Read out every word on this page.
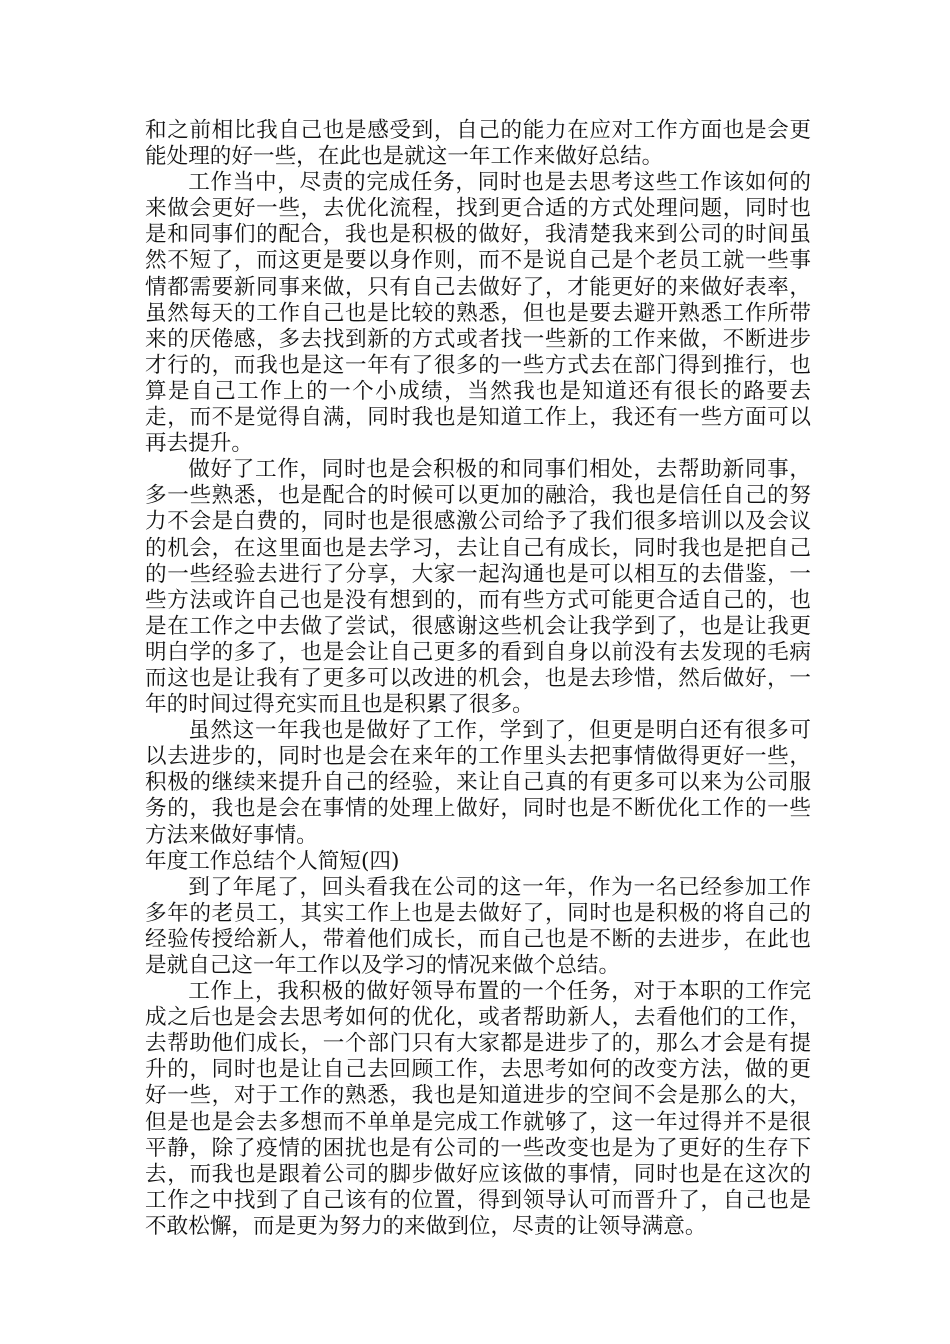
和之前相比我自己也是感受到，自己的能力在应对工作方面也是会更能处理的好一些，在此也是就这一年工作来做好总结。

工作当中，尽责的完成任务，同时也是去思考这些工作该如何的来做会更好一些，去优化流程，找到更合适的方式处理问题，同时也是和同事们的配合，我也是积极的做好，我清楚我来到公司的时间虽然不短了，而这更是要以身作则，而不是说自己是个老员工就一些事情都需要新同事来做，只有自己去做好了，才能更好的来做好表率，虽然每天的工作自己也是比较的熟悉，但也是要去避开熟悉工作所带来的厌倦感，多去找到新的方式或者找一些新的工作来做，不断进步才行的，而我也是这一年有了很多的一些方式去在部门得到推行，也算是自己工作上的一个小成绩，当然我也是知道还有很长的路要去走，而不是觉得自满，同时我也是知道工作上，我还有一些方面可以再去提升。

做好了工作，同时也是会积极的和同事们相处，去帮助新同事，多一些熟悉，也是配合的时候可以更加的融洽，我也是信任自己的努力不会是白费的，同时也是很感激公司给予了我们很多培训以及会议的机会，在这里面也是去学习，去让自己有成长，同时我也是把自己的一些经验去进行了分享，大家一起沟通也是可以相互的去借鉴，一些方法或许自己也是没有想到的，而有些方式可能更合适自己的，也是在工作之中去做了尝试，很感谢这些机会让我学到了，也是让我更明白学的多了，也是会让自己更多的看到自身以前没有去发现的毛病而这也是让我有了更多可以改进的机会，也是去珍惜，然后做好，一年的时间过得充实而且也是积累了很多。

虽然这一年我也是做好了工作，学到了，但更是明白还有很多可以去进步的，同时也是会在来年的工作里头去把事情做得更好一些，积极的继续来提升自己的经验，来让自己真的有更多可以来为公司服务的，我也是会在事情的处理上做好，同时也是不断优化工作的一些方法来做好事情。

年度工作总结个人简短(四)

到了年尾了，回头看我在公司的这一年，作为一名已经参加工作多年的老员工，其实工作上也是去做好了，同时也是积极的将自己的经验传授给新人，带着他们成长，而自己也是不断的去进步，在此也是就自己这一年工作以及学习的情况来做个总结。

工作上，我积极的做好领导布置的一个任务，对于本职的工作完成之后也是会去思考如何的优化，或者帮助新人，去看他们的工作，去帮助他们成长，一个部门只有大家都是进步了的，那么才会是有提升的，同时也是让自己去回顾工作，去思考如何的改变方法，做的更好一些，对于工作的熟悉，我也是知道进步的空间不会是那么的大，但是也是会去多想而不单单是完成工作就够了，这一年过得并不是很平静，除了疫情的困扰也是有公司的一些改变也是为了更好的生存下去，而我也是跟着公司的脚步做好应该做的事情，同时也是在这次的工作之中找到了自己该有的位置，得到领导认可而晋升了，自己也是不敢松懈，而是更为努力的来做到位，尽责的让领导满意。
